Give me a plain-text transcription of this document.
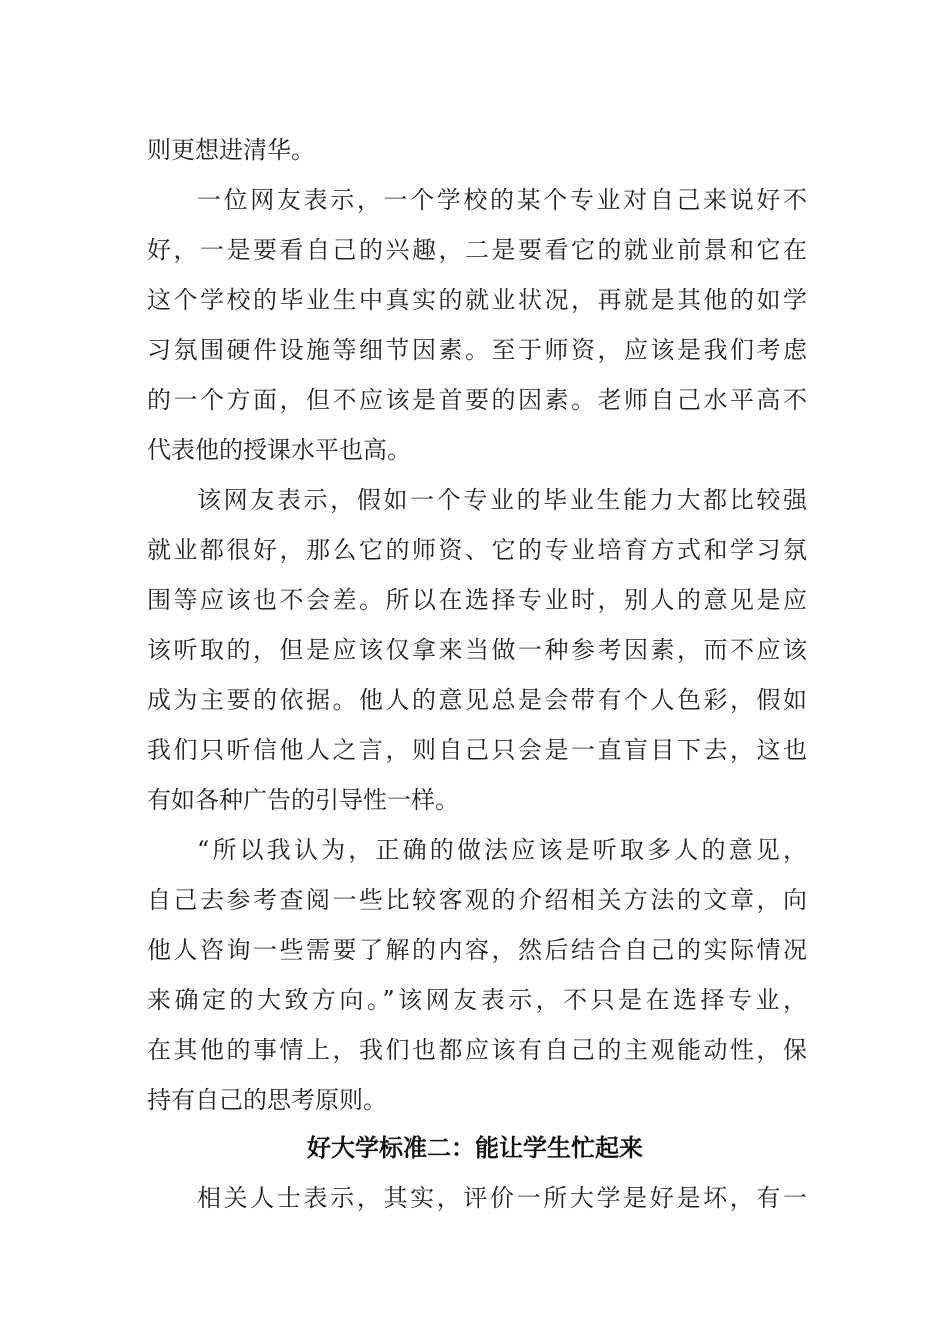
则更想进清华。
一位网友表示，一个学校的某个专业对自己来说好不
好，一是要看自己的兴趣，二是要看它的就业前景和它在
这个学校的毕业生中真实的就业状况，再就是其他的如学
习氛围硬件设施等细节因素。至于师资，应该是我们考虑
的一个方面，但不应该是首要的因素。老师自己水平高不
代表他的授课水平也高。
该网友表示，假如一个专业的毕业生能力大都比较强
就业都很好，那么它的师资、它的专业培育方式和学习氛
围等应该也不会差。所以在选择专业时，别人的意见是应
该听取的，但是应该仅拿来当做一种参考因素，而不应该
成为主要的依据。他人的意见总是会带有个人色彩，假如
我们只听信他人之言，则自己只会是一直盲目下去，这也
有如各种广告的引导性一样。
“所以我认为，正确的做法应该是听取多人的意见，
自己去参考查阅一些比较客观的介绍相关方法的文章，向
他人咨询一些需要了解的内容，然后结合自己的实际情况
来确定的大致方向。”该网友表示，不只是在选择专业，
在其他的事情上，我们也都应该有自己的主观能动性，保
持有自己的思考原则。
好大学标准二：能让学生忙起来
相关人士表示，其实，评价一所大学是好是坏，有一
